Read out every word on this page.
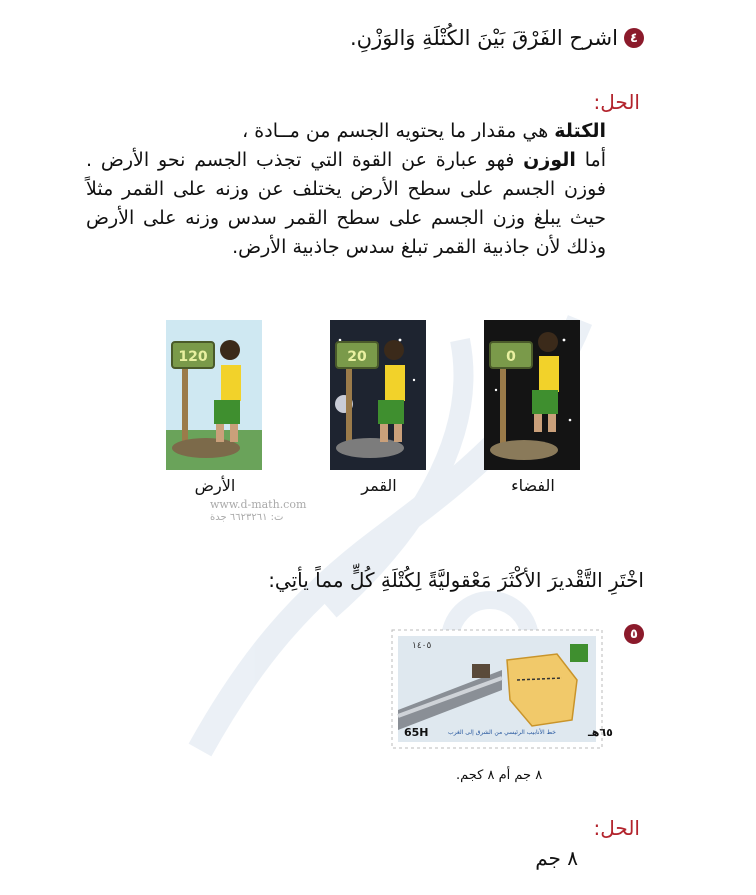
٤
اشرح الفَرْقَ بَيْنَ الكُتْلَةِ وَالوَزْنِ.
الحل:
الكتلة هي مقدار ما يحتويه الجسم من مــادة ،
أما الوزن فهو عبارة عن القوة التي تجذب الجسم نحو الأرض . فوزن الجسم على سطح الأرض يختلف عن وزنه على القمر مثلاً حيث يبلغ وزن الجسم على سطح القمر سدس وزنه على الأرض وذلك لأن جاذبية القمر تبلغ سدس جاذبية الأرض.
120
الأرض
20
القمر
0
الفضاء
www.d-math.com
ت: ٦٦٢٣٢٦١ جدة
اخْتَرِ التَّقْديرَ الأكْثَرَ مَعْقوليَّةً لِكُتْلَةِ كُلٍّ مماً يأتِي:
٥
١٤٠٥
65H	٦٥هـ
خط الأنابيب الرئيسي من الشرق إلى الغرب
٨ جم أم ٨ كجم.
الحل:
٨ جم
